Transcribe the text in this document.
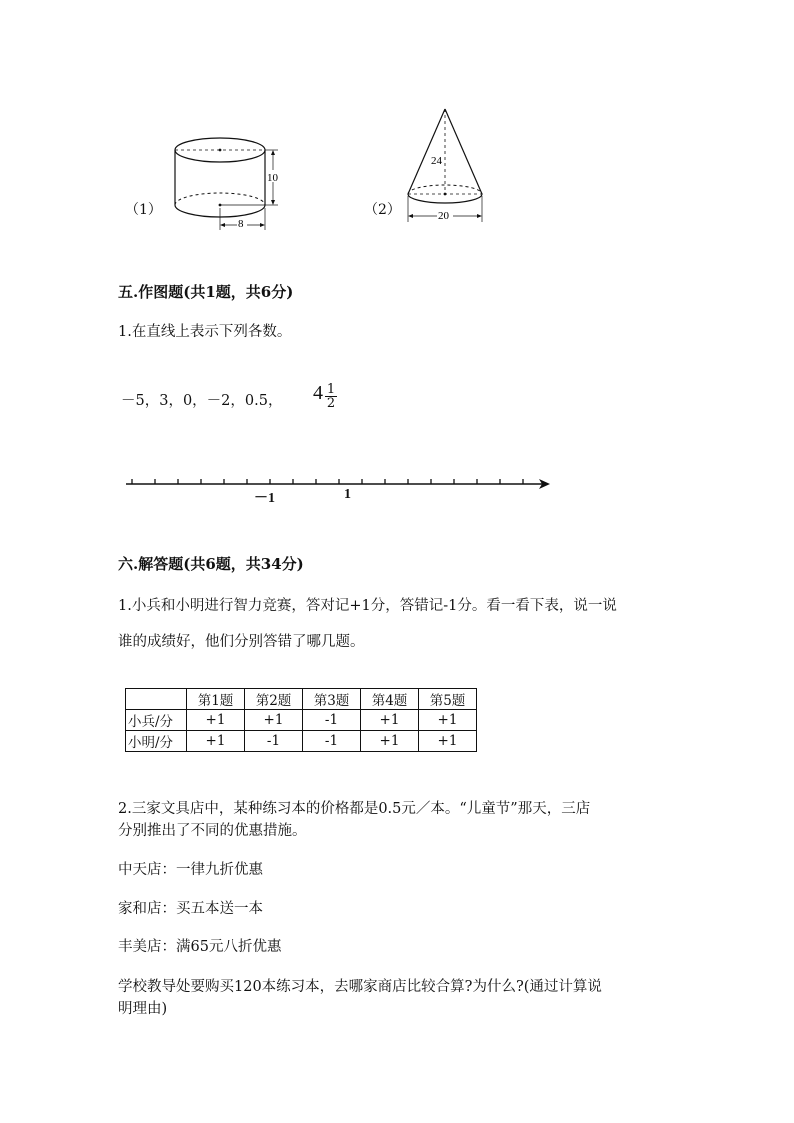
（1）
10
8
（2）
24
20
五.作图题(共1题，共6分)
1.在直线上表示下列各数。
－5，3，0，－2，0.5， $4 \frac{1}{2}$
－1	1
六.解答题(共6题，共34分)
1.小兵和小明进行智力竞赛，答对记+1分，答错记-1分。看一看下表，说一说
谁的成绩好，他们分别答错了哪几题。
	第1题	第2题	第3题	第4题	第5题
小兵/分	+1	+1	-1	+1	+1
小明/分	+1	-1	-1	+1	+1
2.三家文具店中，某种练习本的价格都是0.5元／本。“儿童节”那天，三店
分别推出了不同的优惠措施。
中天店：一律九折优惠
家和店：买五本送一本
丰美店：满65元八折优惠
学校教导处要购买120本练习本，去哪家商店比较合算?为什么?(通过计算说
明理由)
